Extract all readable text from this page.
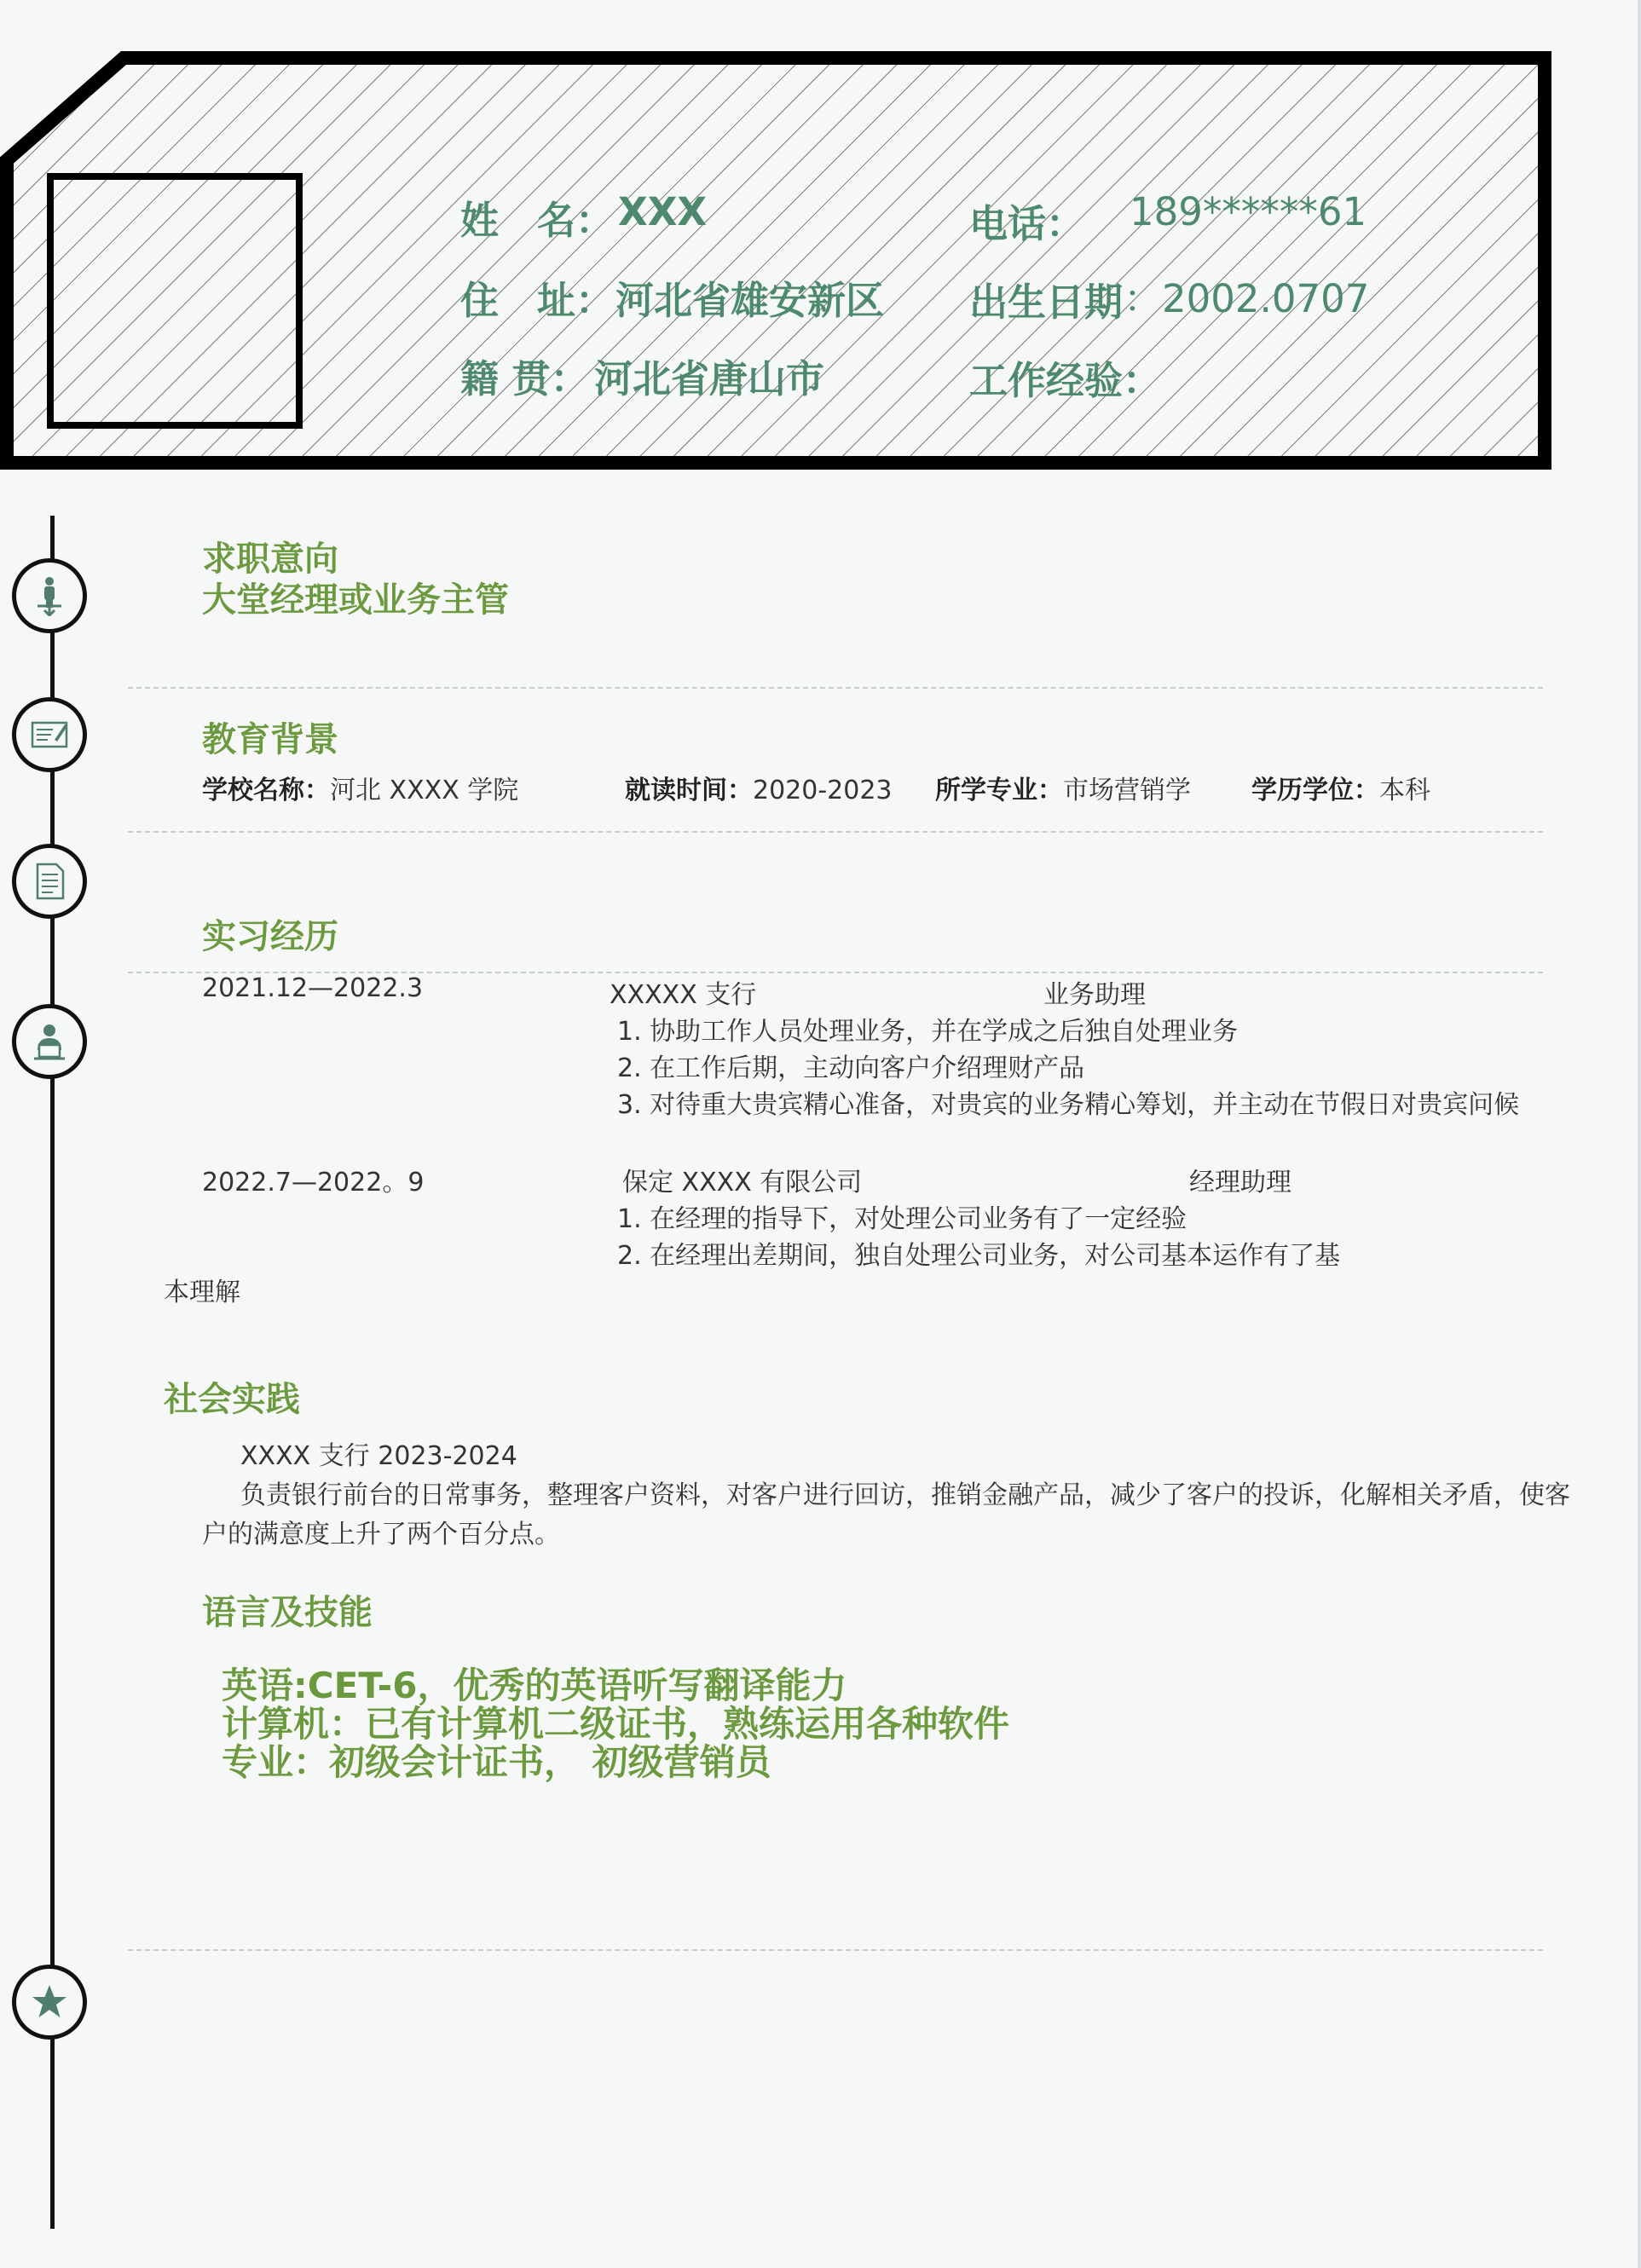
姓　名： XXX
住　址： 河北省雄安新区
籍 贯： 河北省唐山市
电话： 189******61
出生日期 ：2002.0707
工作经验：
求职意向
大堂经理或业务主管
教育背景
学校名称：河北 XXXX 学院	就读时间：2020-2023 所学专业：市场营销学 学历学位：本科
实习经历
2021.12—2022.3	XXXXX 支行	业务助理
1. 协助工作人员处理业务，并在学成之后独自处理业务
2. 在工作后期，主动向客户介绍理财产品
3. 对待重大贵宾精心准备，对贵宾的业务精心筹划，并主动在节假日对贵宾问候
2022.7—2022。9	保定 XXXX 有限公司	经理助理
1. 在经理的指导下，对处理公司业务有了一定经验
2. 在经理出差期间，独自处理公司业务，对公司基本运作有了基
本理解
社会实践
XXXX 支行 2023-2024
负责银行前台的日常事务，整理客户资料，对客户进行回访，推销金融产品，减少了客户的投诉，化解相关矛盾，使客
户的满意度上升了两个百分点。
语言及技能
英语:CET-6，优秀的英语听写翻译能力
计算机：已有计算机二级证书，熟练运用各种软件
专业：初级会计证书， 初级营销员
